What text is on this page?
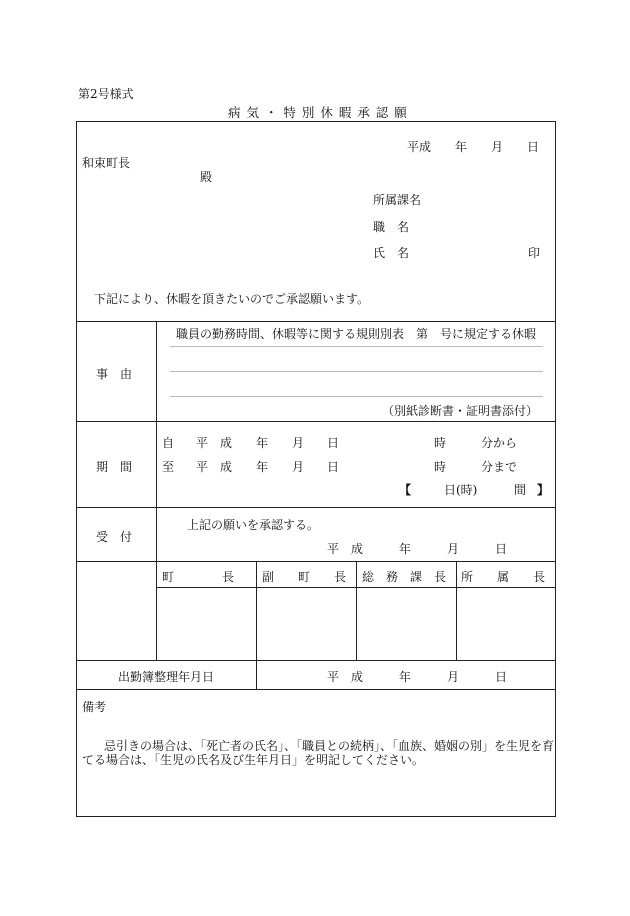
第2号様式
病 気 ・ 特 別 休 暇 承 認 願
平成　　年　　月　　日
和束町長
殿
所属課名
職　名
氏　名	印
下記により、休暇を頂きたいのでご承認願います。
事　由
職員の勤務時間、休暇等に関する規則別表　第　号に規定する休暇
（別紙診断書・証明書添付）
期　間
自 平　成 年 月 日	時	分から
至 平　成 年 月 日	時	分まで
【	日(時)	間 】
受　付
上記の願いを承認する。
平　成　　　年　　　月　　　日
町　　　　長 副　　町　　長 総　務　課　長 所　　属　　長
出勤簿整理年月日	平　成　　　年　　　月　　　日
備考
忌引きの場合は、「死亡者の氏名」、「職員との続柄」、「血族、婚姻の別」を生児を育
てる場合は、「生児の氏名及び生年月日」を明記してください。
